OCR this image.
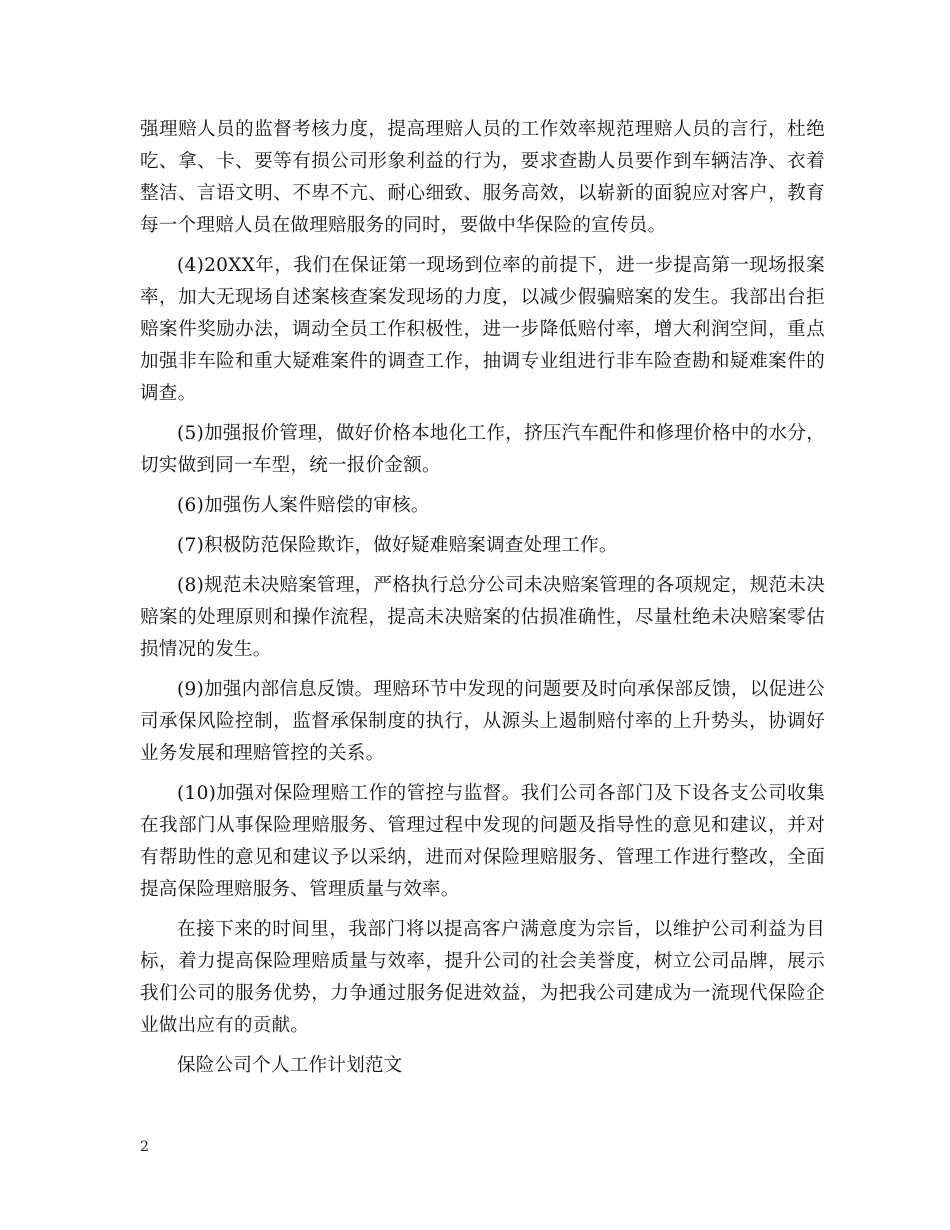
强理赔人员的监督考核力度，提高理赔人员的工作效率规范理赔人员的言行，杜绝吃、拿、卡、要等有损公司形象利益的行为，要求查勘人员要作到车辆洁净、衣着整洁、言语文明、不卑不亢、耐心细致、服务高效，以崭新的面貌应对客户，教育每一个理赔人员在做理赔服务的同时，要做中华保险的宣传员。

(4)20XX年，我们在保证第一现场到位率的前提下，进一步提高第一现场报案率，加大无现场自述案核查案发现场的力度，以减少假骗赔案的发生。我部出台拒赔案件奖励办法，调动全员工作积极性，进一步降低赔付率，增大利润空间，重点加强非车险和重大疑难案件的调查工作，抽调专业组进行非车险查勘和疑难案件的调查。

(5)加强报价管理，做好价格本地化工作，挤压汽车配件和修理价格中的水分，切实做到同一车型，统一报价金额。

(6)加强伤人案件赔偿的审核。

(7)积极防范保险欺诈，做好疑难赔案调查处理工作。

(8)规范未决赔案管理，严格执行总分公司未决赔案管理的各项规定，规范未决赔案的处理原则和操作流程，提高未决赔案的估损准确性，尽量杜绝未决赔案零估损情况的发生。

(9)加强内部信息反馈。理赔环节中发现的问题要及时向承保部反馈，以促进公司承保风险控制，监督承保制度的执行，从源头上遏制赔付率的上升势头，协调好业务发展和理赔管控的关系。

(10)加强对保险理赔工作的管控与监督。我们公司各部门及下设各支公司收集在我部门从事保险理赔服务、管理过程中发现的问题及指导性的意见和建议，并对有帮助性的意见和建议予以采纳，进而对保险理赔服务、管理工作进行整改，全面提高保险理赔服务、管理质量与效率。

在接下来的时间里，我部门将以提高客户满意度为宗旨，以维护公司利益为目标，着力提高保险理赔质量与效率，提升公司的社会美誉度，树立公司品牌，展示我们公司的服务优势，力争通过服务促进效益，为把我公司建成为一流现代保险企业做出应有的贡献。

保险公司个人工作计划范文

2
